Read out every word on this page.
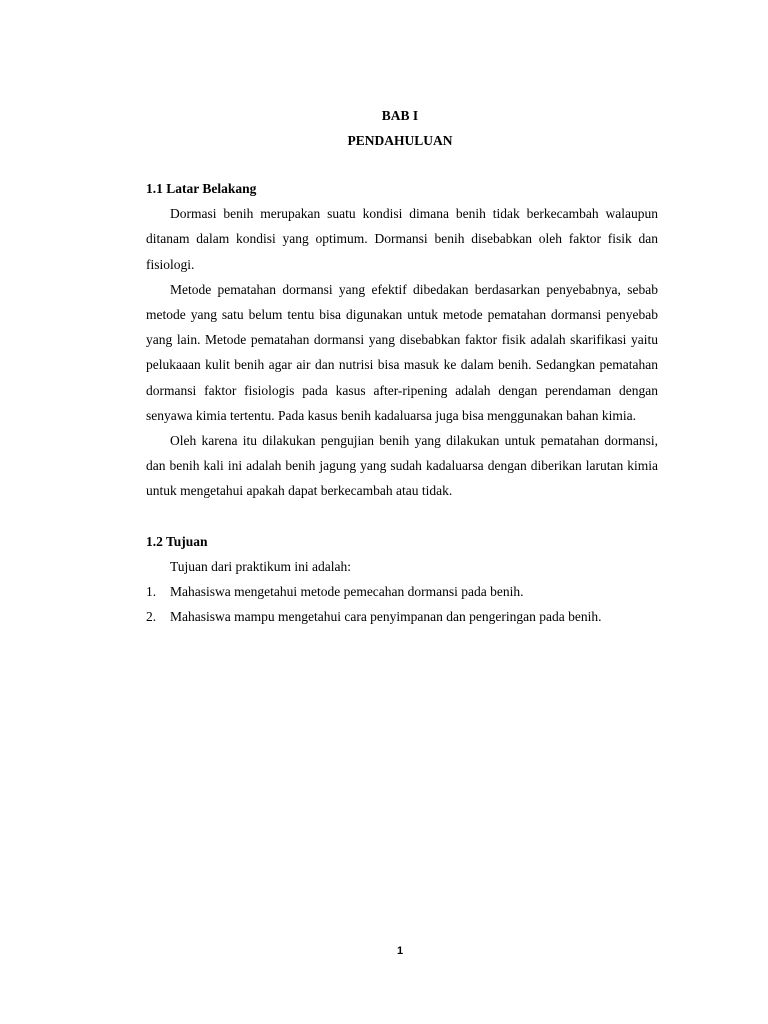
BAB I
PENDAHULUAN

1.1 Latar Belakang

Dormasi benih merupakan suatu kondisi dimana benih tidak berkecambah walaupun ditanam dalam kondisi yang optimum. Dormansi benih disebabkan oleh faktor fisik dan fisiologi.

Metode pematahan dormansi yang efektif dibedakan berdasarkan penyebabnya, sebab metode yang satu belum tentu bisa digunakan untuk metode pematahan dormansi penyebab yang lain. Metode pematahan dormansi yang disebabkan faktor fisik adalah skarifikasi yaitu pelukaaan kulit benih agar air dan nutrisi bisa masuk ke dalam benih. Sedangkan pematahan dormansi faktor fisiologis pada kasus after-ripening adalah dengan perendaman dengan senyawa kimia tertentu. Pada kasus benih kadaluarsa juga bisa menggunakan bahan kimia.

Oleh karena itu dilakukan pengujian benih yang dilakukan untuk pematahan dormansi, dan benih kali ini adalah benih jagung yang sudah kadaluarsa dengan diberikan larutan kimia untuk mengetahui apakah dapat berkecambah atau tidak.

1.2 Tujuan

Tujuan dari praktikum ini adalah:

1.	Mahasiswa mengetahui metode pemecahan dormansi pada benih.
2.	Mahasiswa mampu mengetahui cara penyimpanan dan pengeringan pada benih.
1
